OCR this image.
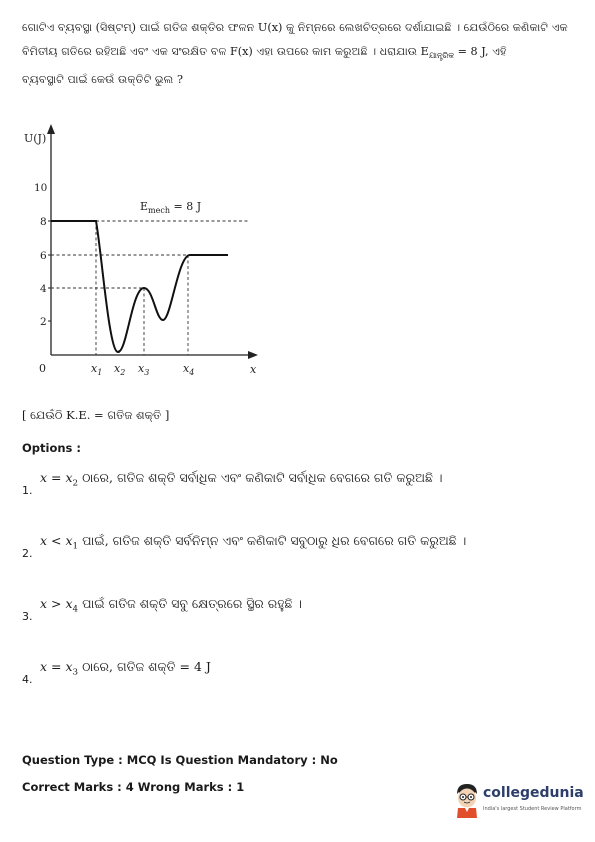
ଗୋଟିଏ ବ୍ୟବସ୍ଥା (ସିଷ୍ଟମ୍) ପାଇଁ ଗତିଜ ଶକ୍ତିର ଫଳନ U(x) କୁ ନିମ୍ନରେ ଲେଖଚିତ୍ରରେ ଦର୍ଶାଯାଇଛି । ଯେଉଁଠିରେ କଣିକାଟି ଏକ
ବିମିତୀୟ ଗତିରେ ରହିଅଛି ଏବଂ ଏକ ସଂରକ୍ଷିତ ବଳ F(x) ଏହା ଉପରେ କାମ କରୁଅଛି । ଧରାଯାଉ $E_{ଯାନ୍ତ୍ରିକ} = 8$ J, ଏହି
ବ୍ୟବସ୍ଥାଟି ପାଇଁ କେଉଁ ଉକ୍ତିଟି ଭୁଲ ?
U(J)
0	x
2
4
6
8
10
$x_1$ $x_2$ $x_3$	$x_4$
$E_{mech} = 8$ J
[ ଯେଉଁଠି K.E. = ଗତିଜ ଶକ୍ତି ]
Options :
1.
$x = x_2$ ଠାରେ, ଗତିଜ ଶକ୍ତି ସର୍ବାଧିକ ଏବଂ କଣିକାଟି ସର୍ବାଧିକ ବେଗରେ ଗତି କରୁଅଛି ।
2.
$x < x_1$ ପାଇଁ, ଗତିଜ ଶକ୍ତି ସର୍ବନିମ୍ନ ଏବଂ କଣିକାଟି ସବୁଠାରୁ ଧିର ବେଗରେ ଗତି କରୁଅଛି ।
3.
$x > x_4$ ପାଇଁ ଗତିଜ ଶକ୍ତି ସବୁ କ୍ଷେତ୍ରରେ ସ୍ଥିର ରହୁଛି ।
4.
$x = x_3$ ଠାରେ, ଗତିଜ ଶକ୍ତି = 4 J
Question Type : MCQ Is Question Mandatory : No
Correct Marks : 4 Wrong Marks : 1	collegedunia
India's largest Student Review Platform
